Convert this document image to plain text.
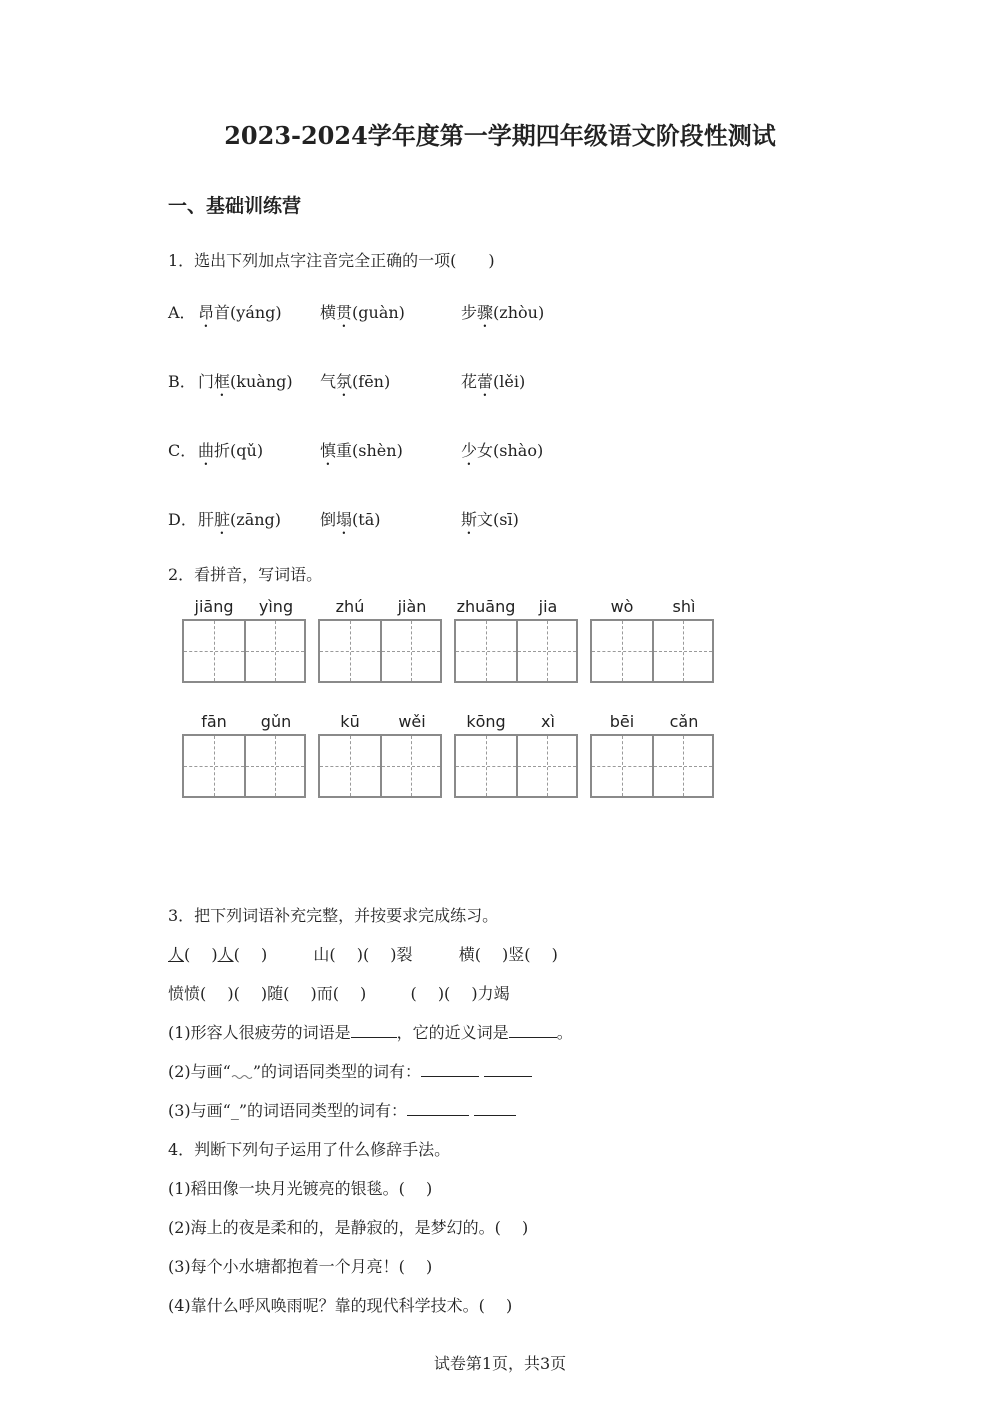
2023-2024学年度第一学期四年级语文阶段性测试
一、基础训练营
1．选出下列加点字注音完全正确的一项(　　)
A． 昂首(yáng) 横贯(guàn)	步骤(zhòu)
B． 门框(kuàng) 气氛(fēn)	花蕾(lěi)
C． 曲折(qǔ)	慎重(shèn)	少女(shào)
D． 肝脏(zāng) 倒塌(tā)	斯文(sī)
2．看拼音，写词语。
jiāng	yìng	zhú	jiàn	zhuāng	jia	wò	shì
fān	gǔn	kū	wěi	kōng	xì	bēi	cǎn
3．把下列词语补充完整，并按要求完成练习。
人(　 )人(　 )	山(　 )(　 )裂	横(　 )竖(　 )
愤愤(　 )(　 )随(　 )而(　 )	(　 )(　 )力竭
(1)形容人很疲劳的词语是	，它的近义词是	。
(2)与画“ ”的词语同类型的词有：
(3)与画“_”的词语同类型的词有：
4．判断下列句子运用了什么修辞手法。
(1)稻田像一块月光镀亮的银毯。(　 )
(2)海上的夜是柔和的，是静寂的，是梦幻的。(　 )
(3)每个小水塘都抱着一个月亮！(　 )
(4)靠什么呼风唤雨呢？靠的现代科学技术。(　 )
试卷第1页，共3页
